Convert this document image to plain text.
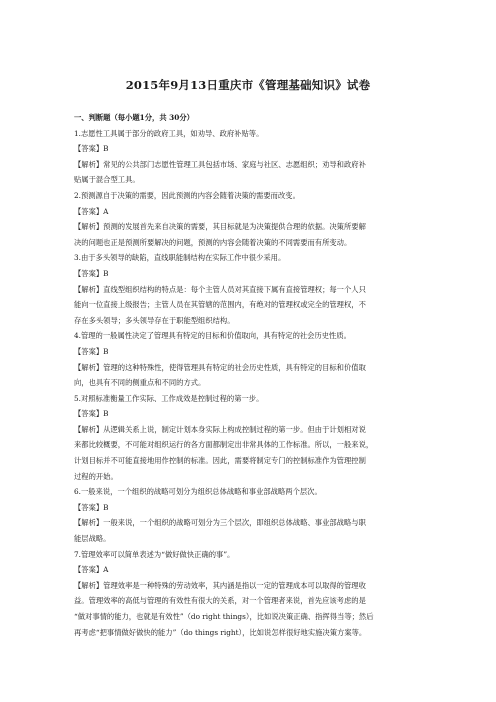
2015年9月13日重庆市《管理基础知识》试卷
一、判断题（每小题1分，共 30分）
1.志愿性工具属于部分的政府工具，如劝导、政府补贴等。
【答案】B
【解析】常见的公共部门志愿性管理工具包括市场、家庭与社区、志愿组织；劝导和政府补
贴属于混合型工具。
2.预测源自于决策的需要，因此预测的内容会随着决策的需要而改变。
【答案】A
【解析】预测的发展首先来自决策的需要，其目标就是为决策提供合理的依据。决策所要解
决的问题也正是预测所要解决的问题，预测的内容会随着决策的不同需要而有所变动。
3.由于多头领导的缺陷，直线职能制结构在实际工作中很少采用。
【答案】B
【解析】直线型组织结构的特点是：每个主管人员对其直接下属有直接管理权；每一个人只
能向一位直接上级报告；主管人员在其管辖的范围内，有绝对的管理权或完全的管理权，不
存在多头领导；多头领导存在于职能型组织结构。
4.管理的一般属性决定了管理具有特定的目标和价值取向，具有特定的社会历史性质。
【答案】B
【解析】管理的这种特殊性，使得管理具有特定的社会历史性质，具有特定的目标和价值取
向，也具有不同的侧重点和不同的方式。
5.对照标准衡量工作实际、工作成效是控制过程的第一步。
【答案】B
【解析】从逻辑关系上说，制定计划本身实际上构成控制过程的第一步。但由于计划相对说
来都比较概要，不可能对组织运行的各方面都制定出非常具体的工作标准。所以，一般来说，
计划目标并不可能直接地用作控制的标准。因此，需要将制定专门的控制标准作为管理控制
过程的开始。
6.一般来说，一个组织的战略可划分为组织总体战略和事业部战略两个层次。
【答案】B
【解析】一般来说，一个组织的战略可划分为三个层次，即组织总体战略、事业部战略与职
能层战略。
7.管理效率可以简单表述为“做好做快正确的事”。
【答案】A
【解析】管理效率是一种特殊的劳动效率，其内涵是指以一定的管理成本可以取得的管理收
益。管理效率的高低与管理的有效性有很大的关系，对一个管理者来说，首先应该考虑的是
“做对事情的能力，也就是有效性”（do right things），比如说决策正确、指挥得当等；然后
再考虑“把事情做好做快的能力”（do things right），比如说怎样很好地实施决策方案等。
